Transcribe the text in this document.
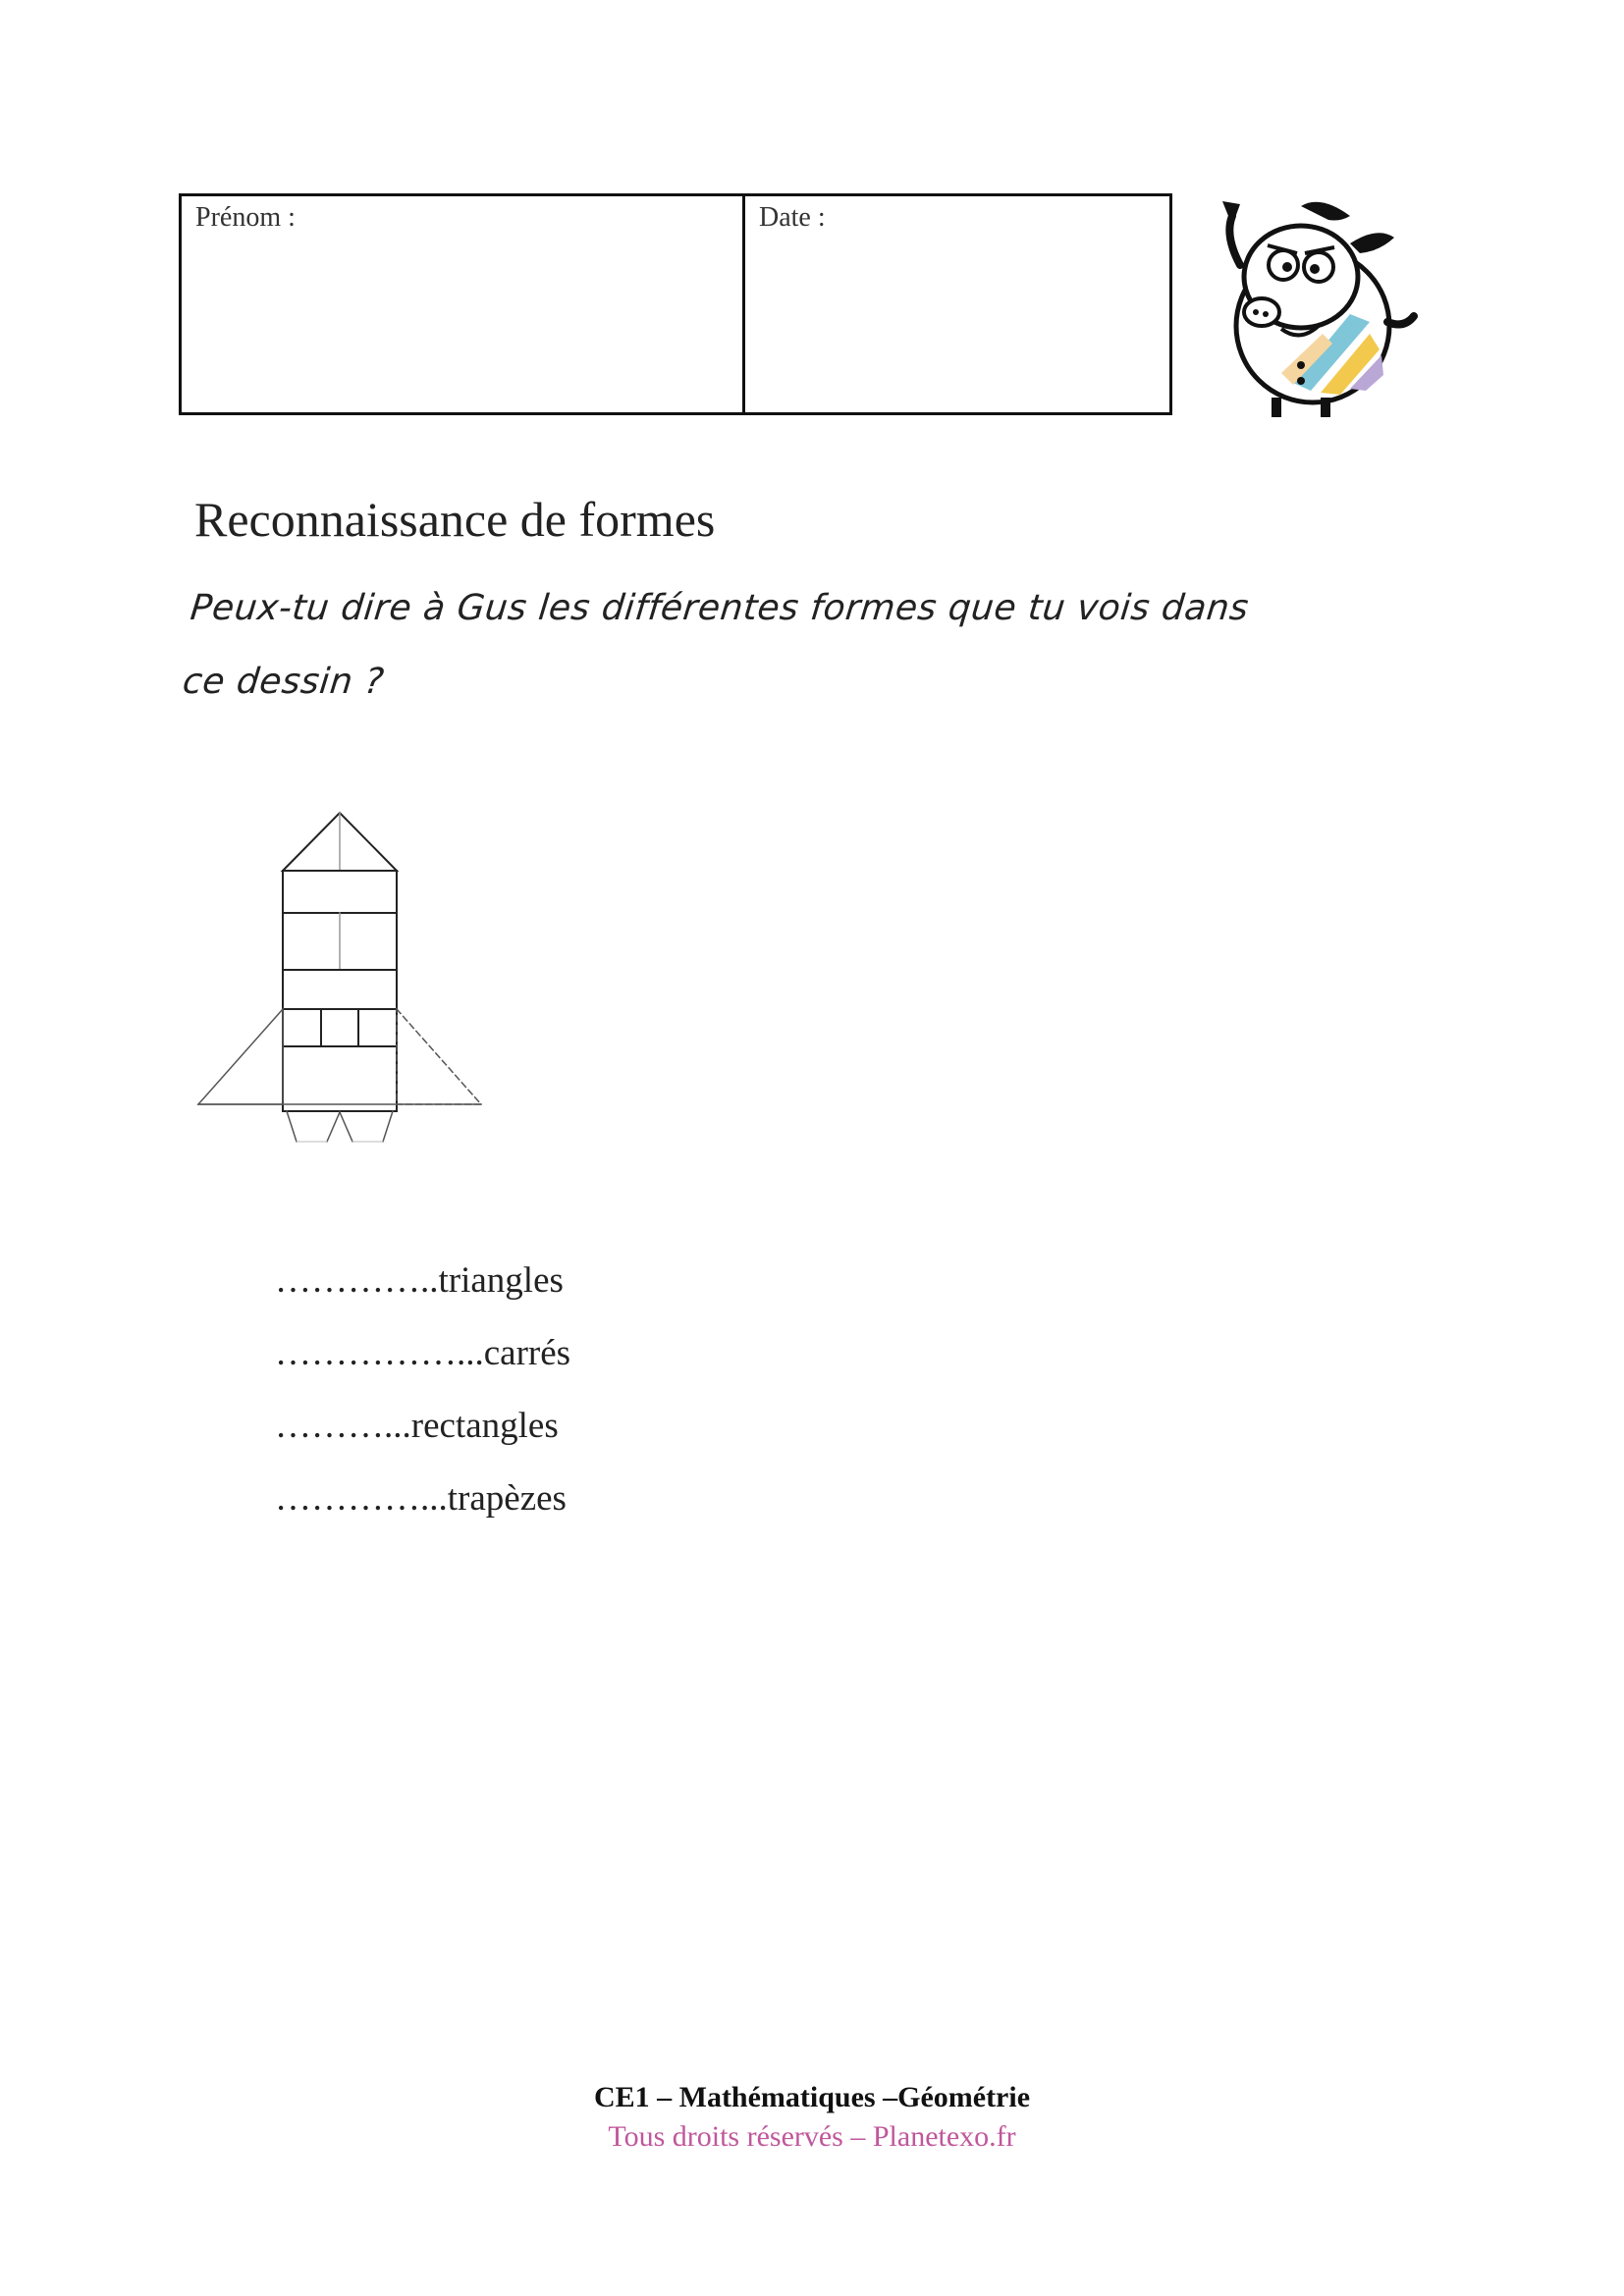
Prénom :	Date :
Reconnaissance de formes
Peux-tu dire à Gus les différentes formes que tu vois dans
ce dessin ?
…………..triangles
……………...carrés
………...rectangles
…………...trapèzes
CE1 – Mathématiques –Géométrie
Tous droits réservés – Planetexo.fr
